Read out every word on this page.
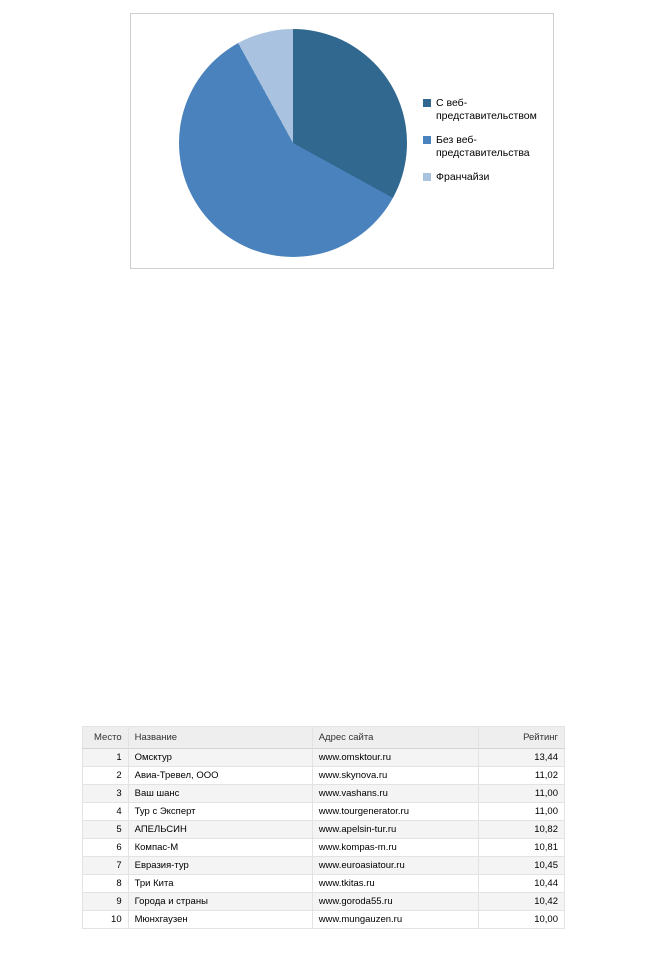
С веб-
представительством
Без веб-
представительства
Франчайзи
Место	Название	Адрес сайта	Рейтинг
1	Омсктур	www.omsktour.ru	13,44
2	Авиа-Тревел, ООО	www.skynova.ru	11,02
3	Ваш шанс	www.vashans.ru	11,00
4	Тур с Эксперт	www.tourgenerator.ru	11,00
5	АПЕЛЬСИН	www.apelsin-tur.ru	10,82
6	Компас-М	www.kompas-m.ru	10,81
7	Евразия-тур	www.euroasiatour.ru	10,45
8	Три Кита	www.tkitas.ru	10,44
9	Города и страны	www.goroda55.ru	10,42
10	Мюнхгаузен	www.mungauzen.ru	10,00
